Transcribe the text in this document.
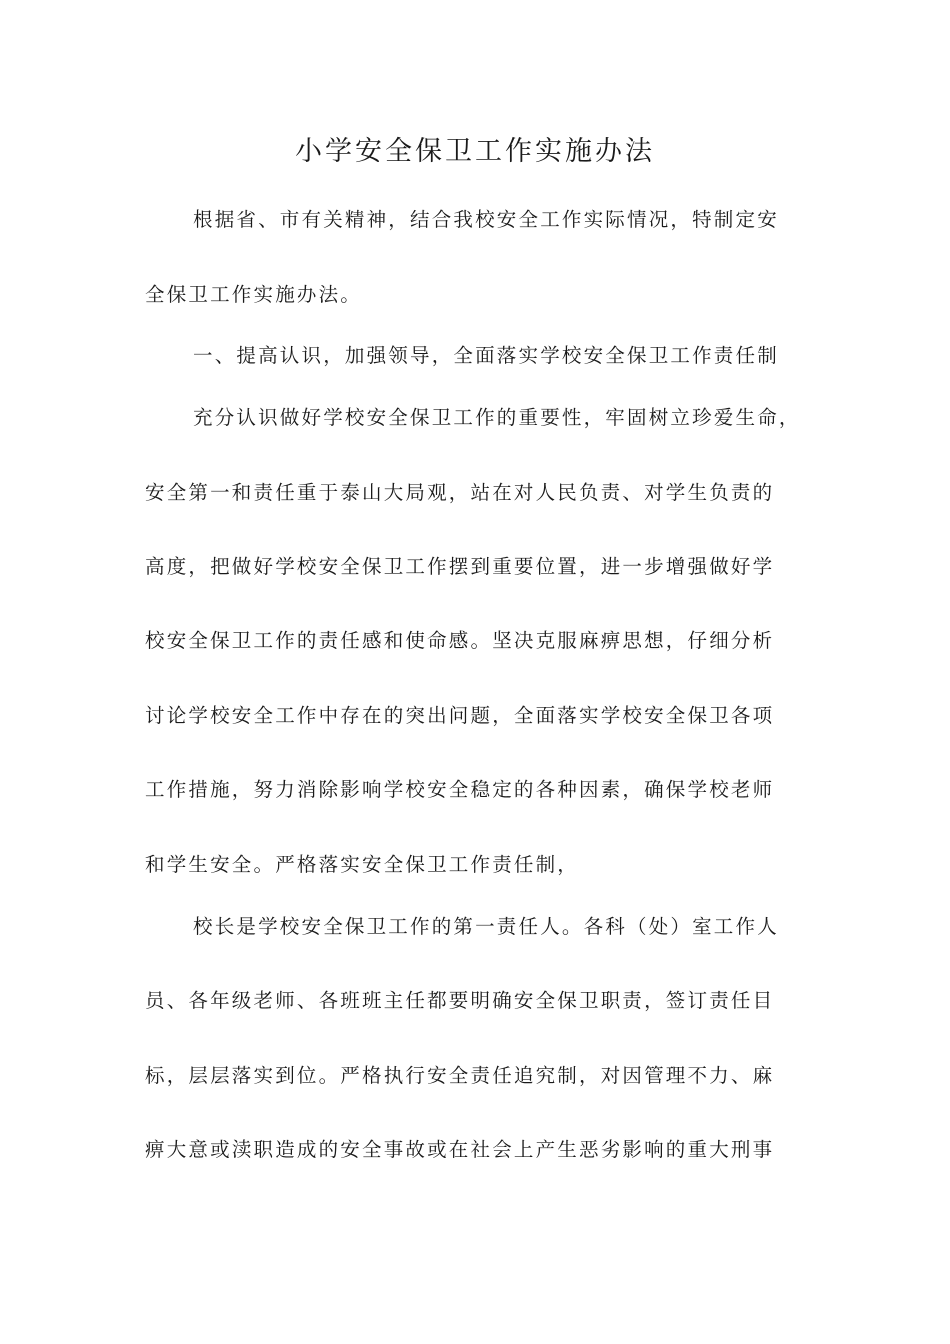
小学安全保卫工作实施办法
根据省、市有关精神，结合我校安全工作实际情况，特制定安
全保卫工作实施办法。
一、提高认识，加强领导，全面落实学校安全保卫工作责任制
充分认识做好学校安全保卫工作的重要性，牢固树立珍爱生命，
安全第一和责任重于泰山大局观，站在对人民负责、对学生负责的
高度，把做好学校安全保卫工作摆到重要位置，进一步增强做好学
校安全保卫工作的责任感和使命感。坚决克服麻痹思想，仔细分析
讨论学校安全工作中存在的突出问题，全面落实学校安全保卫各项
工作措施，努力消除影响学校安全稳定的各种因素，确保学校老师
和学生安全。严格落实安全保卫工作责任制，
校长是学校安全保卫工作的第一责任人。各科（处）室工作人
员、各年级老师、各班班主任都要明确安全保卫职责，签订责任目
标，层层落实到位。严格执行安全责任追究制，对因管理不力、麻
痹大意或渎职造成的安全事故或在社会上产生恶劣影响的重大刑事
